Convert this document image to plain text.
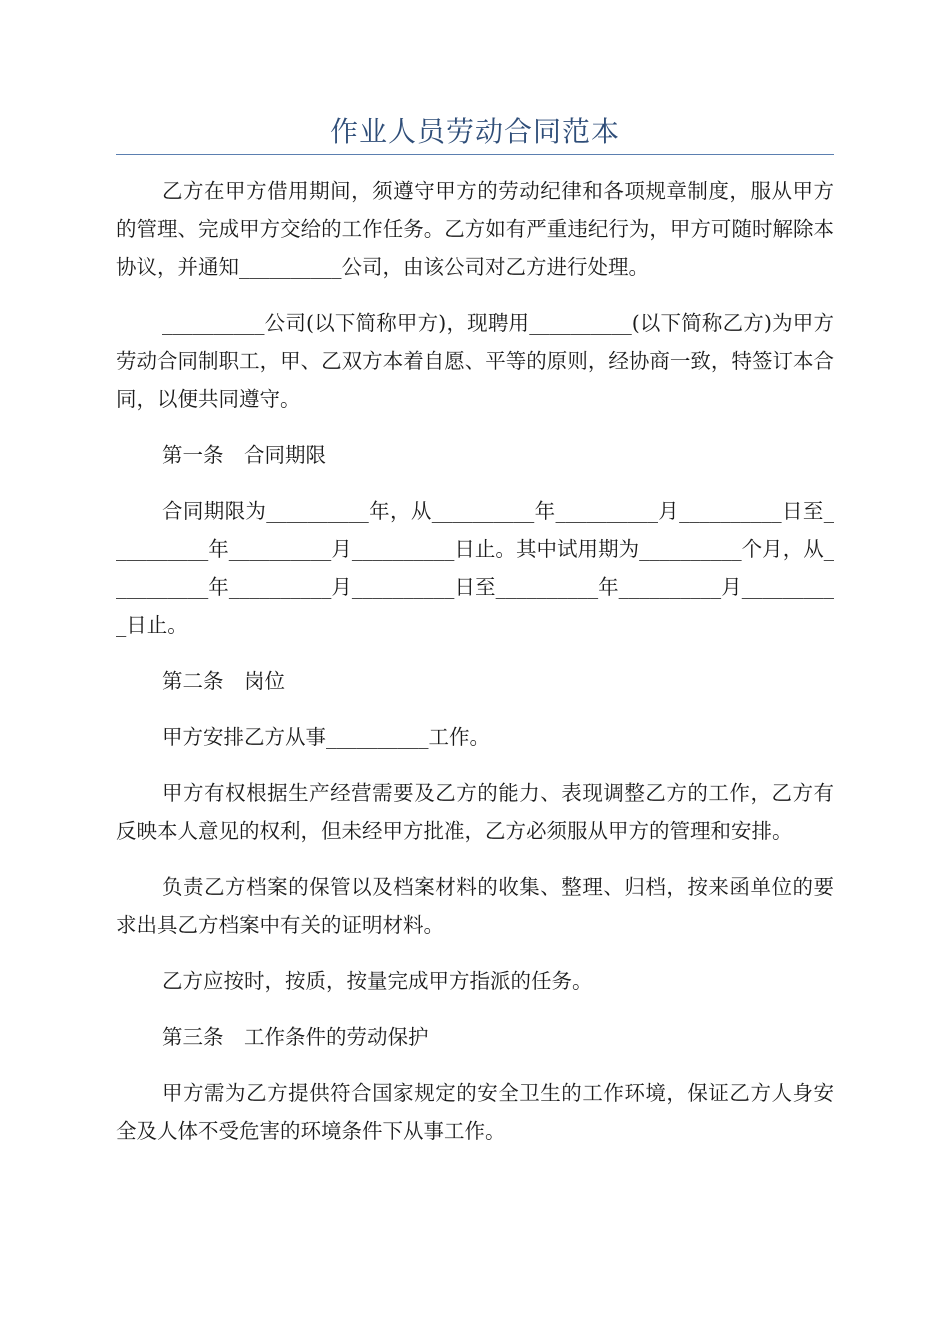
作业人员劳动合同范本

乙方在甲方借用期间，须遵守甲方的劳动纪律和各项规章制度，服从甲方的管理、完成甲方交给的工作任务。乙方如有严重违纪行为，甲方可随时解除本协议，并通知__________公司，由该公司对乙方进行处理。

__________公司(以下简称甲方)，现聘用__________(以下简称乙方)为甲方劳动合同制职工，甲、乙双方本着自愿、平等的原则，经协商一致，特签订本合同，以便共同遵守。

第一条　合同期限

合同期限为__________年，从__________年__________月__________日至__________年__________月__________日止。其中试用期为__________个月，从__________年__________月__________日至__________年__________月__________日止。

第二条　岗位

甲方安排乙方从事__________工作。

甲方有权根据生产经营需要及乙方的能力、表现调整乙方的工作，乙方有反映本人意见的权利，但未经甲方批准，乙方必须服从甲方的管理和安排。

负责乙方档案的保管以及档案材料的收集、整理、归档，按来函单位的要求出具乙方档案中有关的证明材料。

乙方应按时，按质，按量完成甲方指派的任务。

第三条　工作条件的劳动保护

甲方需为乙方提供符合国家规定的安全卫生的工作环境，保证乙方人身安全及人体不受危害的环境条件下从事工作。
